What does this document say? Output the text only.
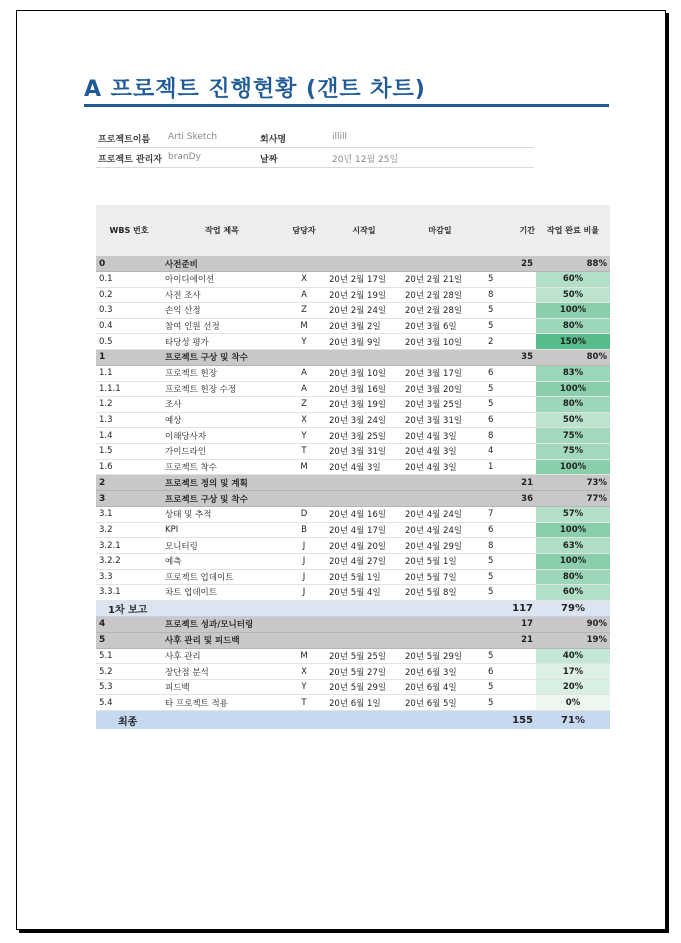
A 프로젝트 진행현황 (갠트 차트)
프로젝트이름 Arti Sketch	회사명	illill
프로젝트 관리자 branDy	날짜	20년 12월 25일
WBS 번호	작업 제목	담당자	시작일	마감일	기간	작업 완료 비율
0	사전준비				25	88%
0.1	아이디에이션	X	20년 2월 17일	20년 2월 21일	5	60%
0.2	사전 조사	A	20년 2월 19일	20년 2월 28일	8	50%
0.3	손익 산정	Z	20년 2월 24일	20년 2월 28일	5	100%
0.4	참여 인원 선정	M	20년 3월 2일	20년 3월 6일	5	80%
0.5	타당성 평가	Y	20년 3월 9일	20년 3월 10일	2	150%
1	프로젝트 구상 및 착수				35	80%
1.1	프로젝트 헌장	A	20년 3월 10일	20년 3월 17일	6	83%
1.1.1	프로젝트 헌장 수정	A	20년 3월 16일	20년 3월 20일	5	100%
1.2	조사	Z	20년 3월 19일	20년 3월 25일	5	80%
1.3	예상	X	20년 3월 24일	20년 3월 31일	6	50%
1.4	이해당사자	Y	20년 3월 25일	20년 4월 3일	8	75%
1.5	가이드라인	T	20년 3월 31일	20년 4월 3일	4	75%
1.6	프로젝트 착수	M	20년 4월 3일	20년 4월 3일	1	100%
2	프로젝트 정의 및 계획				21	73%
3	프로젝트 구상 및 착수				36	77%
3.1	상태 및 추적	D	20년 4월 16일	20년 4월 24일	7	57%
3.2	KPI	B	20년 4월 17일	20년 4월 24일	6	100%
3.2.1	모니터링	J	20년 4월 20일	20년 4월 29일	8	63%
3.2.2	예측	J	20년 4월 27일	20년 5월 1일	5	100%
3.3	프로젝트 업데이트	J	20년 5월 1일	20년 5월 7일	5	80%
3.3.1	차트 업데이트	J	20년 5월 4일	20년 5월 8일	5	60%
1차 보고					117	79%
4	프로젝트 성과/모니터링				17	90%
5	사후 관리 및 피드백				21	19%
5.1	사후 관리	M	20년 5월 25일	20년 5월 29일	5	40%
5.2	장단점 분석	X	20년 5월 27일	20년 6월 3일	6	17%
5.3	피드백	Y	20년 5월 29일	20년 6월 4일	5	20%
5.4	타 프로젝트 적용	T	20년 6월 1일	20년 6월 5일	5	0%
최종					155	71%
